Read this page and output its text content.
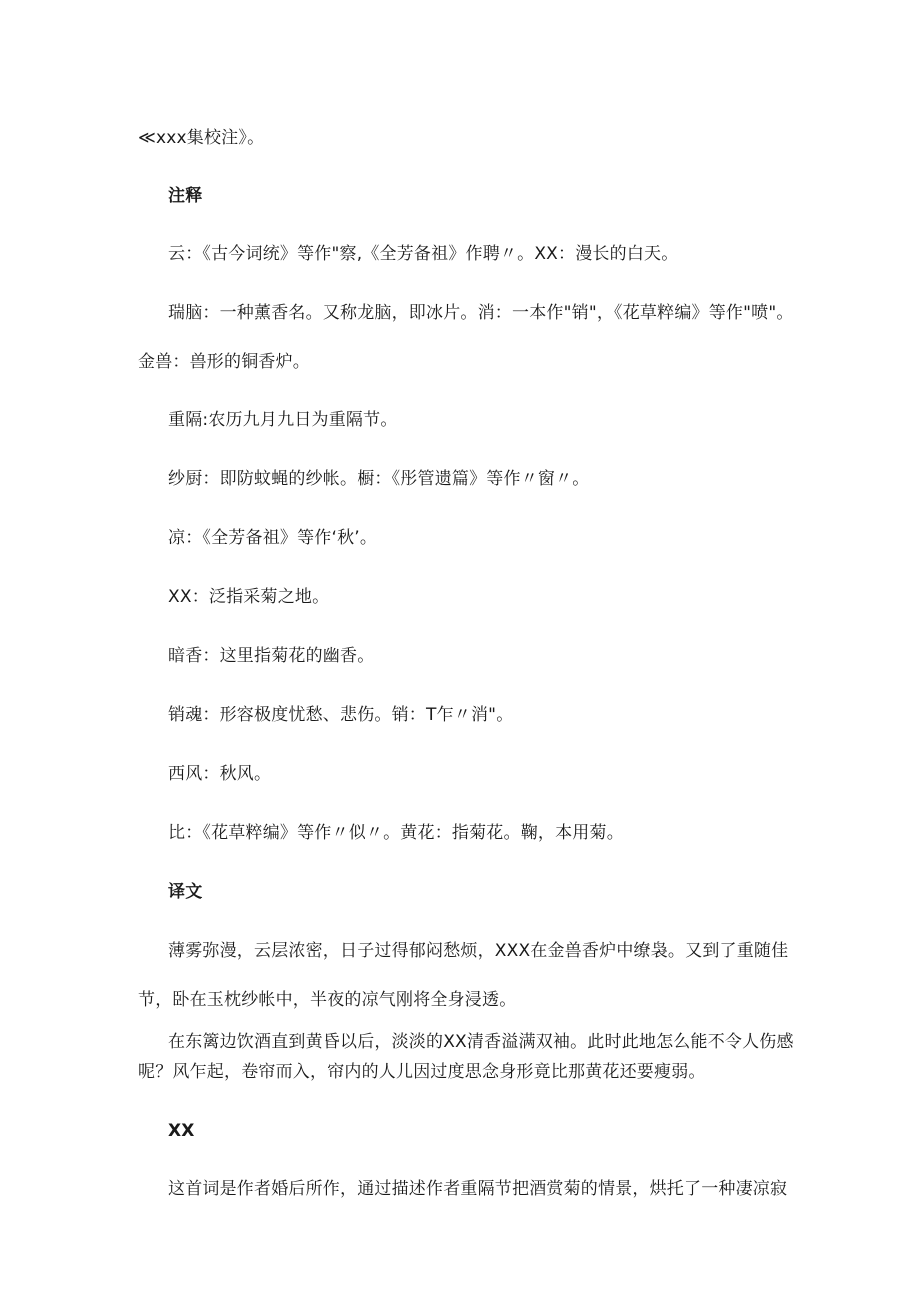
≪xxx集校注》。
注释
云：《古今词统》等作"察,《全芳备祖》作聘〃。XX：漫长的白天。
瑞脑：一种薰香名。又称龙脑，即冰片。消：一本作"销"，《花草粹编》等作"喷"。
金兽：兽形的铜香炉。
重隔:农历九月九日为重隔节。
纱厨：即防蚊蝇的纱帐。橱：《彤管遗篇》等作〃窗〃。
凉：《全芳备祖》等作‘秋’。
XX：泛指采菊之地。
暗香：这里指菊花的幽香。
销魂：形容极度忧愁、悲伤。销：T乍〃消"。
西风：秋风。
比：《花草粹编》等作〃似〃。黄花：指菊花。鞠，本用菊。
译文
薄雾弥漫，云层浓密，日子过得郁闷愁烦，XXX在金兽香炉中缭袅。又到了重随佳
节，卧在玉枕纱帐中，半夜的凉气刚将全身浸透。
在东篱边饮酒直到黄昏以后，淡淡的XX清香溢满双袖。此时此地怎么能不令人伤感
呢？风乍起，卷帘而入，帘内的人儿因过度思念身形竟比那黄花还要瘦弱。
XX
这首词是作者婚后所作，通过描述作者重隔节把酒赏菊的情景，烘托了一种凄凉寂
